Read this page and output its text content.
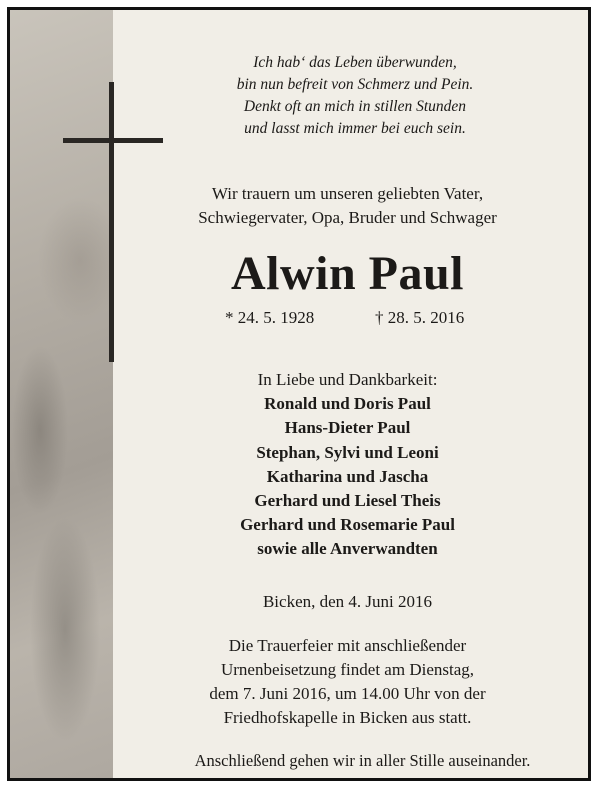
Ich hab‘ das Leben überwunden,
bin nun befreit von Schmerz und Pein.
Denkt oft an mich in stillen Stunden
und lasst mich immer bei euch sein.
Wir trauern um unseren geliebten Vater,
Schwiegervater, Opa, Bruder und Schwager
Alwin Paul
* 24. 5. 1928	† 28. 5. 2016
In Liebe und Dankbarkeit:
Ronald und Doris Paul
Hans-Dieter Paul
Stephan, Sylvi und Leoni
Katharina und Jascha
Gerhard und Liesel Theis
Gerhard und Rosemarie Paul
sowie alle Anverwandten
Bicken, den 4. Juni 2016
Die Trauerfeier mit anschließender
Urnenbeisetzung findet am Dienstag,
dem 7. Juni 2016, um 14.00 Uhr von der
Friedhofskapelle in Bicken aus statt.
Anschließend gehen wir in aller Stille auseinander.
